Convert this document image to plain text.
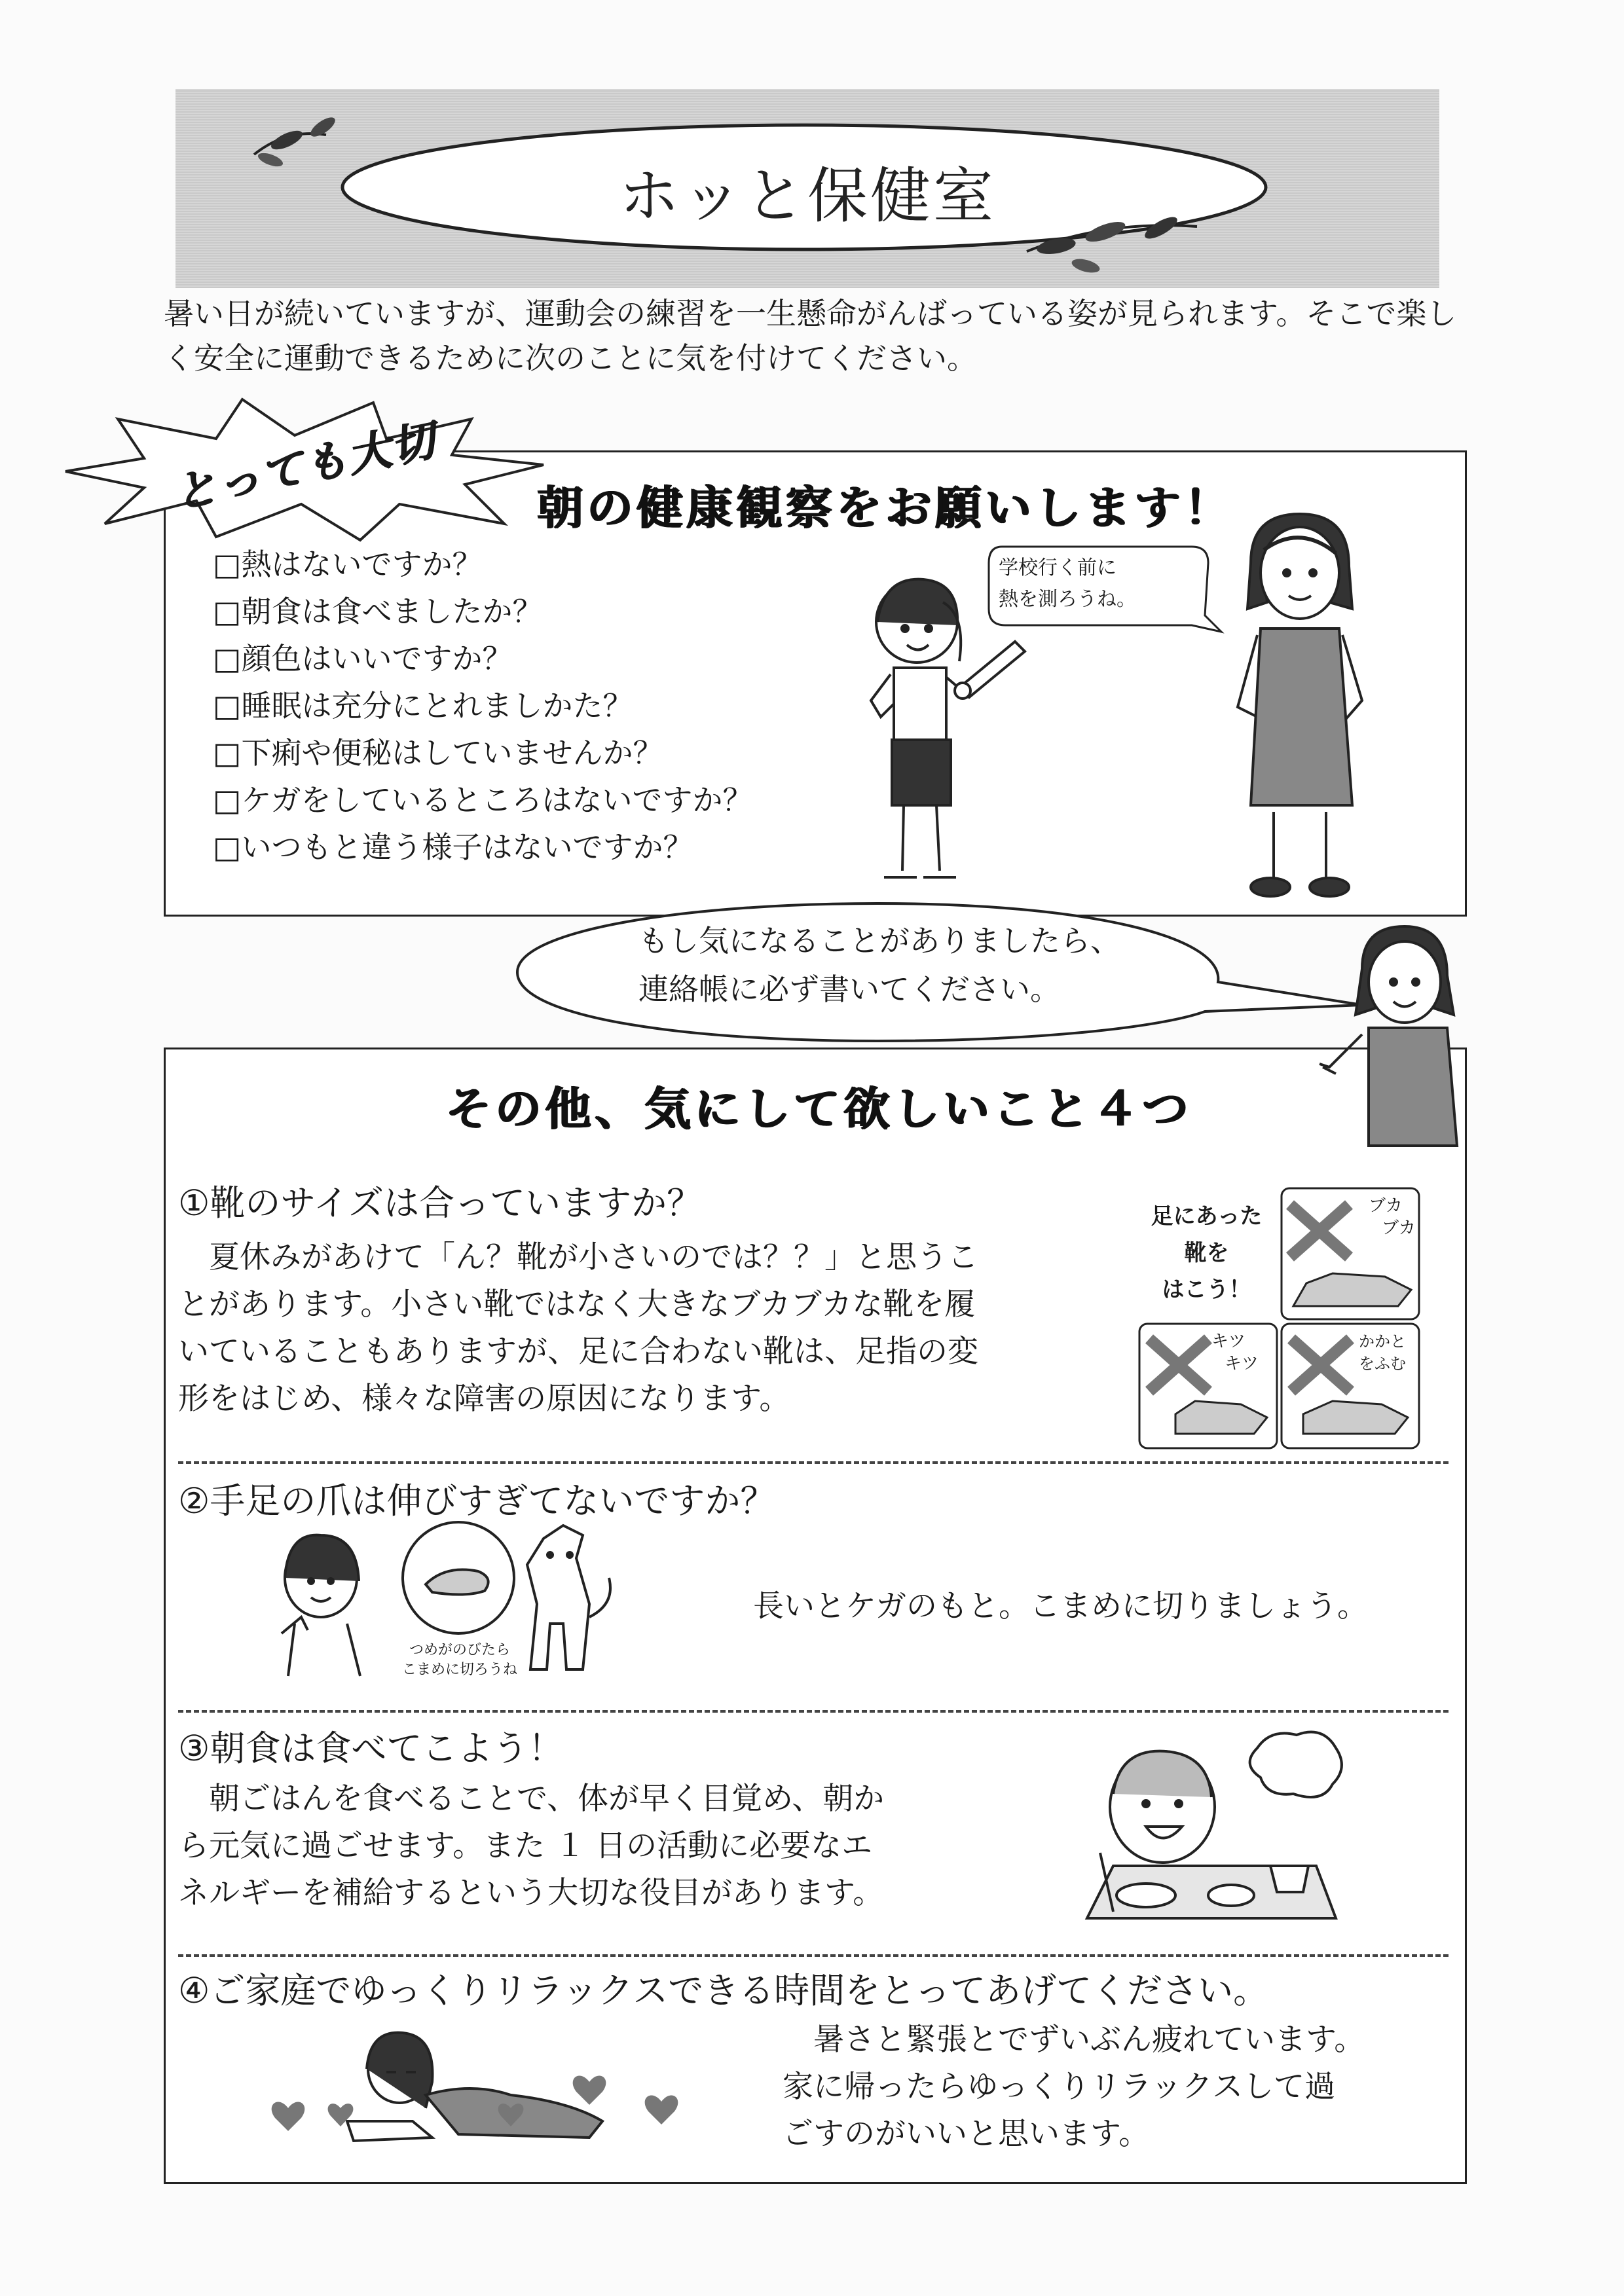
ホッと保健室
暑い日が続いていますが、運動会の練習を一生懸命がんばっている姿が見られます。そこで楽し
く安全に運動できるために次のことに気を付けてください。
とっても大切 朝の健康観察をお願いします！
□熱はないですか？
□朝食は食べましたか？
□顔色はいいですか？
□睡眠は充分にとれましかた？
□下痢や便秘はしていませんか？
□ケガをしているところはないですか？
□いつもと違う様子はないですか？
学校行く前に
熱を測ろうね。
もし気になることがありましたら、
連絡帳に必ず書いてください。
その他、気にして欲しいこと４つ
①靴のサイズは合っていますか？
　夏休みがあけて「ん？靴が小さいのでは？？」と思うこ
とがあります。小さい靴ではなく大きなブカブカな靴を履
いていることもありますが、足に合わない靴は、足指の変
形をはじめ、様々な障害の原因になります。
足にあった
靴を
はこう！
ブカ
ブカ
キツ
キツ
かかと
をふむ
②手足の爪は伸びすぎてないですか？
つめがのびたら
こまめに切ろうね
長いとケガのもと。こまめに切りましょう。
③朝食は食べてこよう！
　朝ごはんを食べることで、体が早く目覚め、朝か
ら元気に過ごせます。また １ 日の活動に必要なエ
ネルギーを補給するという大切な役目があります。
④ご家庭でゆっくりリラックスできる時間をとってあげてください。
　暑さと緊張とでずいぶん疲れています。
家に帰ったらゆっくりリラックスして過
ごすのがいいと思います。
